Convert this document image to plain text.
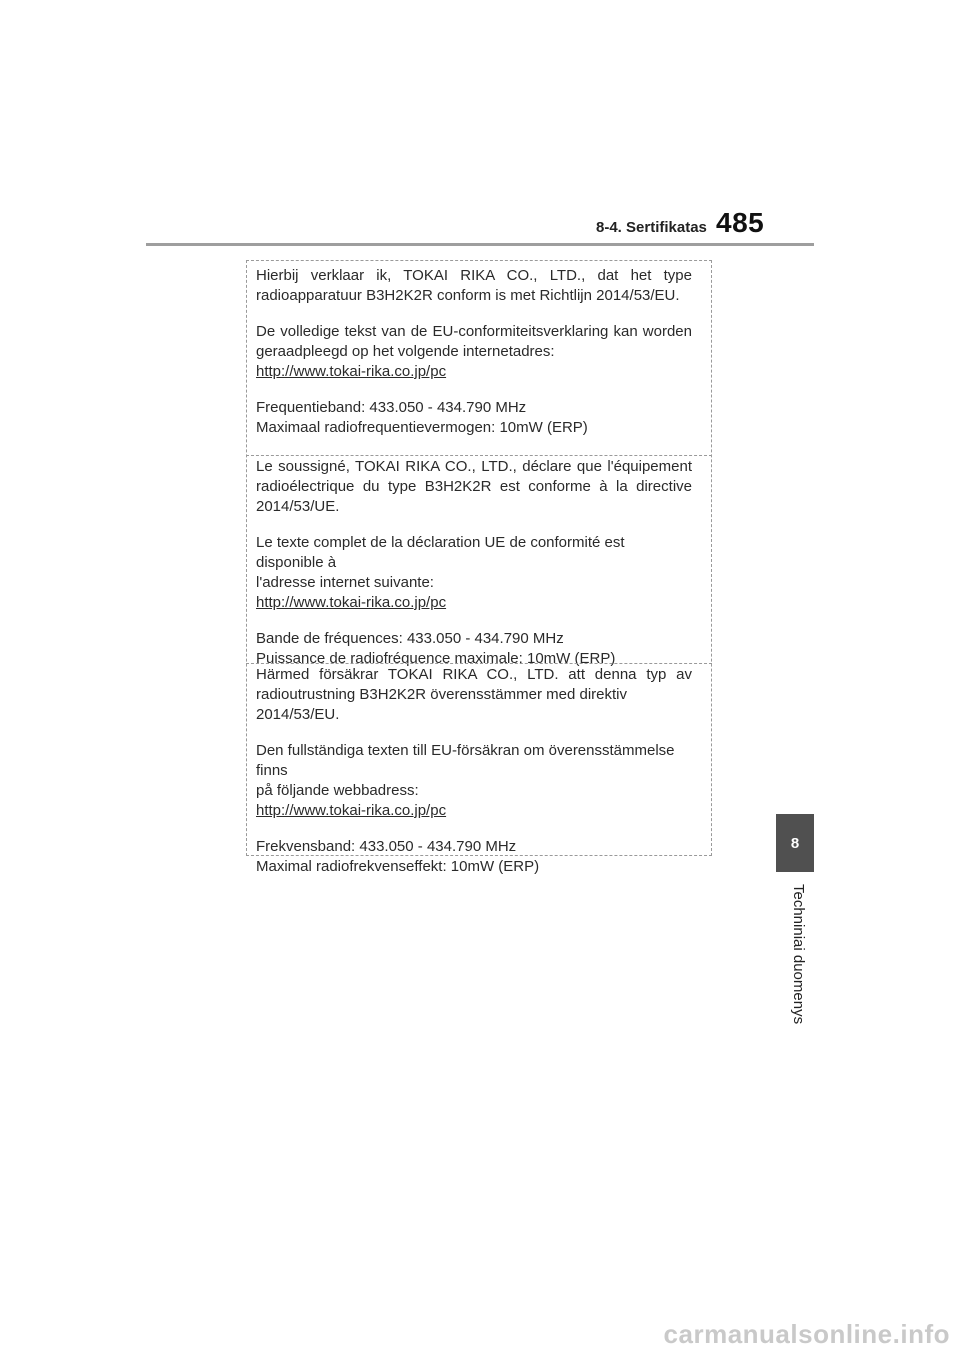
8-4. Sertifikatas 485

Hierbij verklaar ik, TOKAI RIKA CO., LTD., dat het type

radioapparatuur B3H2K2R conform is met Richtlijn 2014/53/EU.

De volledige tekst van de EU-conformiteitsverklaring kan worden

geraadpleegd op het volgende internetadres:

http://www.tokai-rika.co.jp/pc

Frequentieband: 433.050 - 434.790 MHz

Maximaal radiofrequentievermogen: 10mW (ERP)

Le soussigné, TOKAI RIKA CO., LTD., déclare que l'équipement

radioélectrique du type B3H2K2R est conforme à la directive

2014/53/UE.

Le texte complet de la déclaration UE de conformité est disponible à

l'adresse internet suivante:

http://www.tokai-rika.co.jp/pc

Bande de fréquences: 433.050 - 434.790 MHz

Puissance de radiofréquence maximale: 10mW (ERP)

Härmed försäkrar TOKAI RIKA CO., LTD. att denna typ av

radioutrustning B3H2K2R överensstämmer med direktiv 2014/53/EU.

Den fullständiga texten till EU-försäkran om överensstämmelse finns

på följande webbadress:

http://www.tokai-rika.co.jp/pc

Frekvensband: 433.050 - 434.790 MHz

Maximal radiofrekvenseffekt: 10mW (ERP)

8
Techniniai duomenys
carmanualsonline.info
